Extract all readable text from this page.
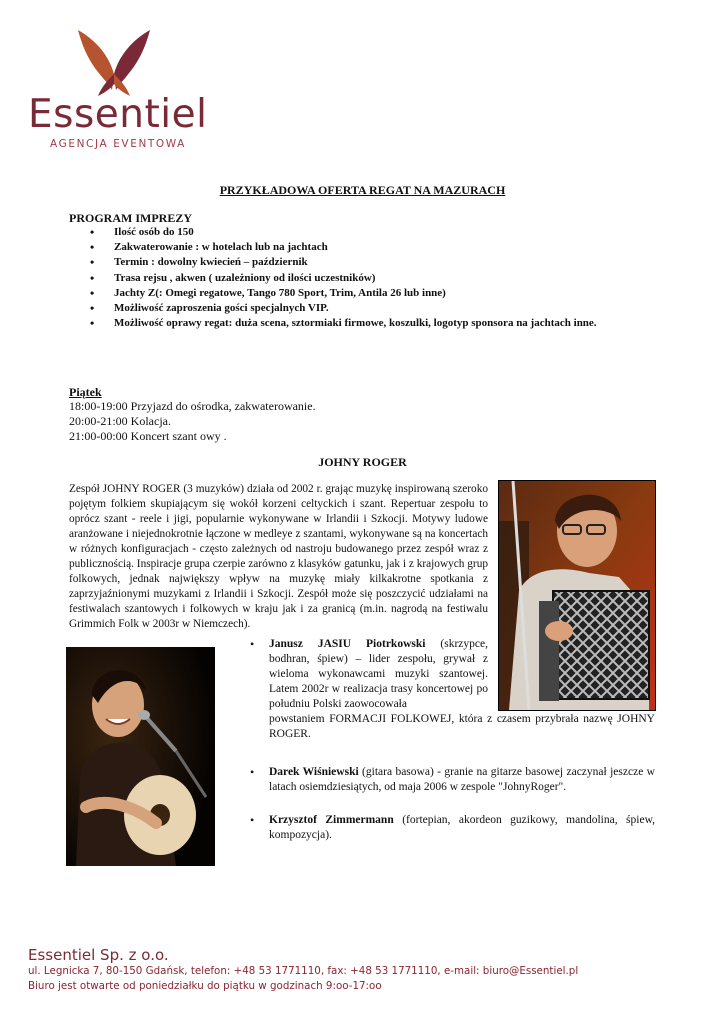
Essentiel
AGENCJA EVENTOWA
PRZYKŁADOWA OFERTA REGAT NA MAZURACH
PROGRAM IMPREZY
• Ilość osób do 150
• Zakwaterowanie : w hotelach lub na jachtach
• Termin : dowolny kwiecień – październik
• Trasa rejsu , akwen ( uzależniony od ilości uczestników)
• Jachty Z(: Omegi regatowe, Tango 780 Sport, Trim, Antila 26 lub inne)
• Możliwość zaproszenia gości specjalnych VIP.
• Możliwość oprawy regat: duża scena, sztormiaki firmowe, koszulki, logotyp sponsora na jachtach inne.
Piątek
18:00-19:00 Przyjazd do ośrodka, zakwaterowanie.
20:00-21:00 Kolacja.
21:00-00:00 Koncert szant owy .
JOHNY ROGER
Zespół JOHNY ROGER (3 muzyków) działa od 2002 r. grając muzykę inspirowaną szeroko pojętym folkiem skupiającym się wokół korzeni celtyckich i szant. Repertuar zespołu to oprócz szant - reele i jigi, popularnie wykonywane w Irlandii i Szkocji. Motywy ludowe aranżowane i niejednokrotnie łączone w medleye z szantami, wykonywane są na koncertach w różnych konfiguracjach - często zależnych od nastroju budowanego przez zespół wraz z publicznością. Inspiracje grupa czerpie zarówno z klasyków gatunku, jak i z krajowych grup folkowych, jednak największy wpływ na muzykę miały kilkakrotne spotkania z zaprzyjaźnionymi muzykami z Irlandii i Szkocji. Zespół może się poszczycić udziałami na festiwalach szantowych i folkowych w kraju jak i za granicą (m.in. nagrodą na festiwalu Grimmich Folk w 2003r w Niemczech).
• Janusz JASIU Piotrkowski (skrzypce, bodhran, śpiew) – lider zespołu, grywał z wieloma wykonawcami muzyki szantowej. Latem 2002r w realizacja trasy koncertowej po południu Polski zaowocowała
powstaniem FORMACJI FOLKOWEJ, która z czasem przybrała nazwę JOHNY ROGER.
• Darek Wiśniewski (gitara basowa) - granie na gitarze basowej zaczynał jeszcze w latach osiemdziesiątych, od maja 2006 w zespole "JohnyRoger".
• Krzysztof Zimmermann (fortepian, akordeon guzikowy, mandolina, śpiew, kompozycja).
Essentiel Sp. z o.o.
ul. Legnicka 7, 80-150 Gdańsk, telefon: +48 53 1771110, fax: +48 53 1771110, e-mail: biuro@Essentiel.pl
Biuro jest otwarte od poniedziałku do piątku w godzinach 9:oo-17:oo
